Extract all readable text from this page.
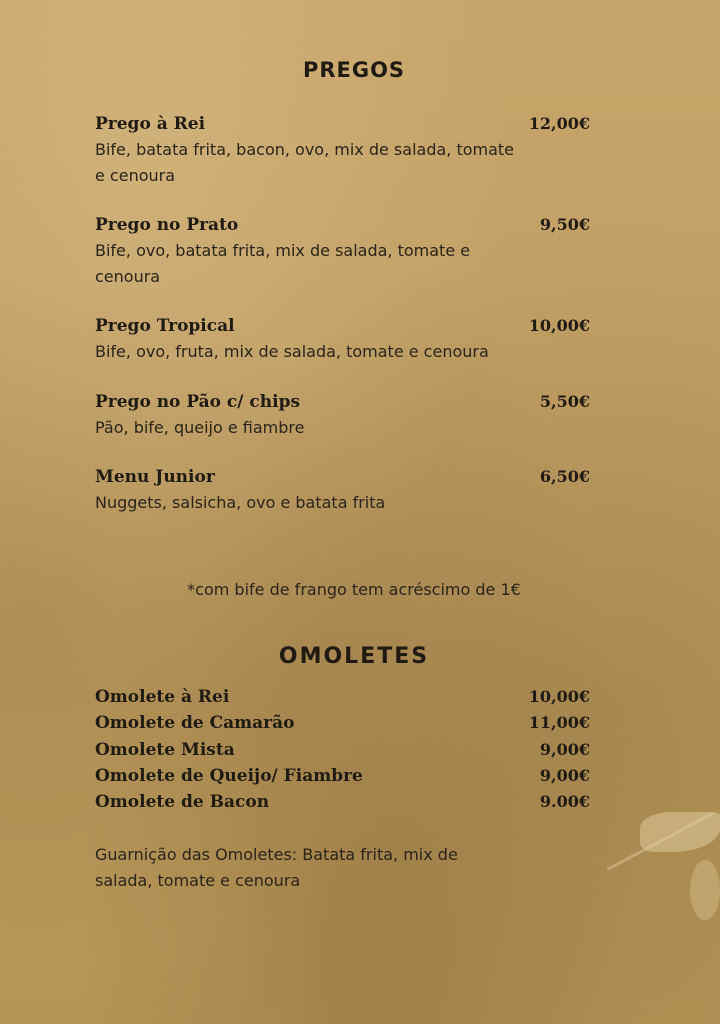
PREGOS
Prego à Rei	12,00€
Bife, batata frita, bacon, ovo, mix de salada, tomate e cenoura
Prego no Prato	9,50€
Bife, ovo, batata frita, mix de salada, tomate e cenoura
Prego Tropical	10,00€
Bife, ovo, fruta, mix de salada, tomate e cenoura
Prego no Pão c/ chips	5,50€
Pão, bife, queijo e fiambre
Menu Junior	6,50€
Nuggets, salsicha, ovo e batata frita
*com bife de frango tem acréscimo de 1€
OMOLETES
Omolete à Rei	10,00€
Omolete de Camarão	11,00€
Omolete Mista	9,00€
Omolete de Queijo/ Fiambre	9,00€
Omolete de Bacon	9.00€
Guarnição das Omoletes: Batata frita, mix de salada, tomate e cenoura
